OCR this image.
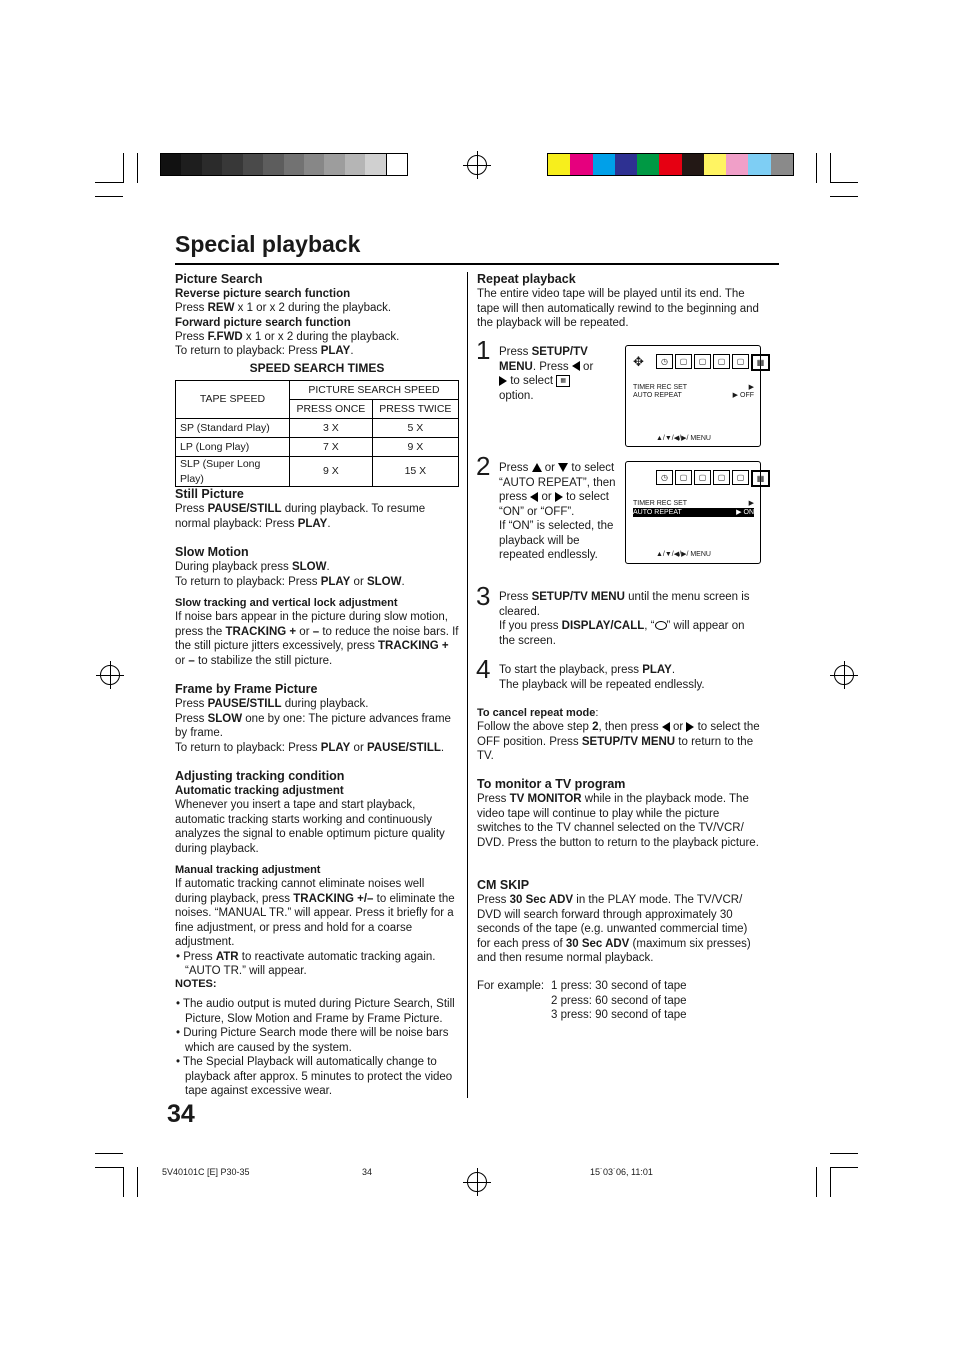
Special playback

Picture Search

Reverse picture search function

Press REW x 1 or x 2 during the playback.

Forward picture search function

Press F.FWD x 1 or x 2 during the playback.

To return to playback: Press PLAY.

SPEED SEARCH TIMES
TAPE SPEED	PICTURE SEARCH SPEED	
	PRESS ONCE	PRESS TWICE
SP (Standard Play)	3 X	5 X
LP (Long Play)	7 X	9 X
SLP (Super Long Play)	9 X	15 X

Still Picture

Press PAUSE/STILL during playback. To resume normal playback: Press PLAY.

Slow Motion

During playback press SLOW.

To return to playback: Press PLAY or SLOW.

Slow tracking and vertical lock adjustment

If noise bars appear in the picture during slow motion, press the TRACKING + or – to reduce the noise bars. If the still picture jitters excessively, press TRACKING + or – to stabilize the still picture.

Frame by Frame Picture

Press PAUSE/STILL during playback.

Press SLOW one by one: The picture advances frame by frame.

To return to playback: Press PLAY or PAUSE/STILL.

Adjusting tracking condition

Automatic tracking adjustment

Whenever you insert a tape and start playback, automatic tracking starts working and continuously analyzes the signal to enable optimum picture quality during playback.

Manual tracking adjustment

If automatic tracking cannot eliminate noises well during playback, press TRACKING +/– to eliminate the noises. “MANUAL TR.” will appear. Press it briefly for a fine adjustment, or press and hold for a coarse adjustment.

• Press ATR to reactivate automatic tracking again. “AUTO TR.” will appear.

NOTES:

• The audio output is muted during Picture Search, Still Picture, Slow Motion and Frame by Frame Picture.

• During Picture Search mode there will be noise bars which are caused by the system.

• The Special Playback will automatically change to playback after approx. 5 minutes to protect the video tape against excessive wear.

Repeat playback

The entire video tape will be played until its end. The tape will then automatically rewind to the beginning and the playback will be repeated.

1 Press SETUP/TV MENU. Press  or
to select ▦
option.
✥	◷	▢	▢	▢	▢	▦
TIMER REC SET	▶
AUTO REPEAT	▶ OFF
▲/▼/◀/▶/ MENU
2 Press  or  to select “AUTO REPEAT”, then press  or  to select “ON” or “OFF”.
If “ON” is selected, the playback will be repeated endlessly.
◷	▢	▢	▢	▢	▦
TIMER REC SET	▶
AUTO REPEAT	▶ ON
▲/▼/◀/▶/ MENU
3 Press SETUP/TV MENU until the menu screen is cleared.
If you press DISPLAY/CALL, “ ” will appear on the screen.
4 To start the playback, press PLAY.
The playback will be repeated endlessly.

To cancel repeat mode:

Follow the above step 2, then press  or  to select the OFF position. Press SETUP/TV MENU to return to the TV.

To monitor a TV program

Press TV MONITOR while in the playback mode. The video tape will continue to play while the picture switches to the TV channel selected on the TV/VCR/ DVD. Press the button to return to the playback picture.

CM SKIP

Press 30 Sec ADV in the PLAY mode. The TV/VCR/ DVD will search forward through approximately 30 seconds of the tape (e.g. unwanted commercial time) for each press of 30 Sec ADV (maximum six presses) and then resume normal playback.

For example: 1 press: 30 second of tape

2 press: 60 second of tape

3 press: 90 second of tape

34
5V40101C [E] P30-35	34	15˙03˙06, 11:01
